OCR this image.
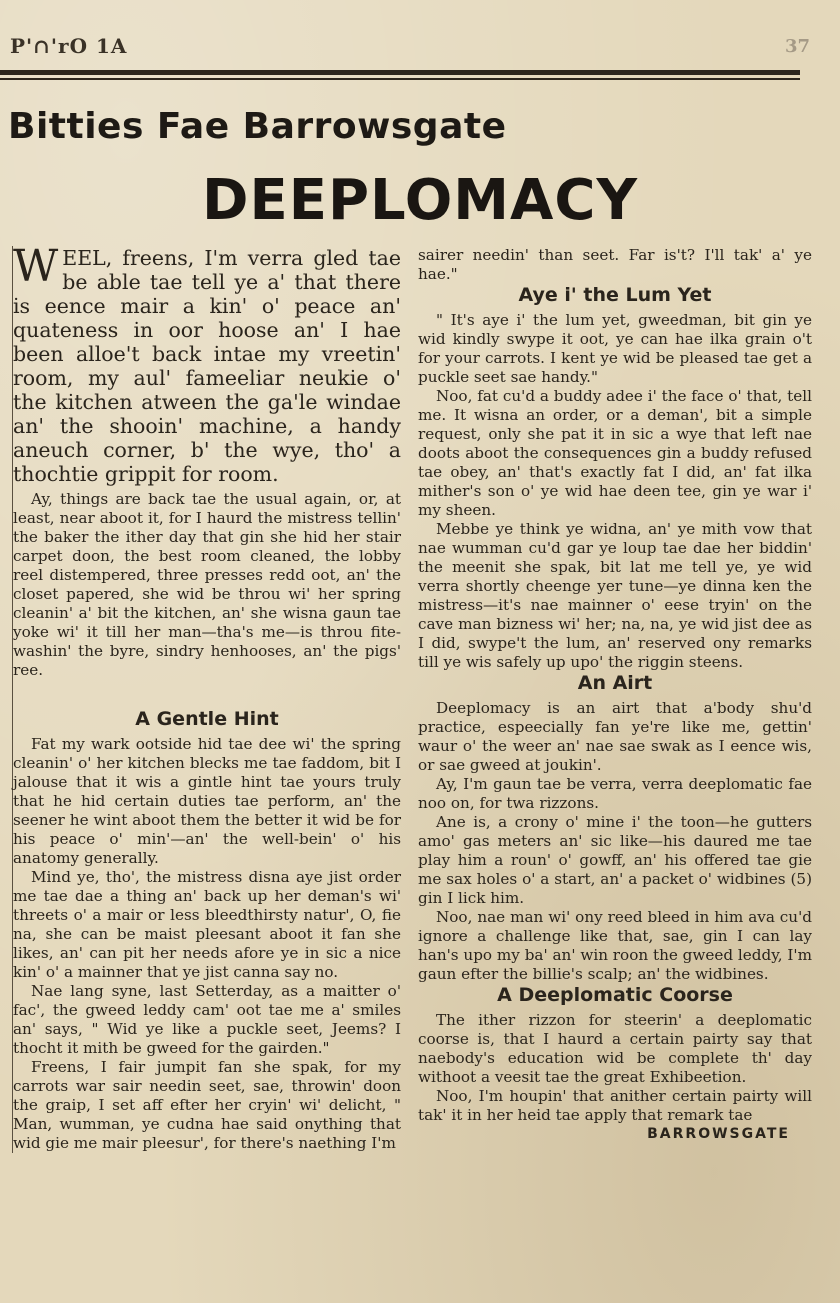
P'∩'rO 1A	37
Bitties Fae Barrowsgate
DEEPLOMACY

WEEL, freens, I'm verra gled tae be able tae tell ye a' that there is eence mair a kin' o' peace an' quateness in oor hoose an' I hae been alloe't back intae my vreetin' room, my aul' fameeliar neukie o' the kitchen atween the ga'le windae an' the shooin' machine, a handy aneuch corner, b' the wye, tho' a thochtie grippit for room.

Ay, things are back tae the usual again, or, at least, near aboot it, for I haurd the mistress tellin' the baker the ither day that gin she hid her stair carpet doon, the best room cleaned, the lobby reel distempered, three presses redd oot, an' the closet papered, she wid be throu wi' her spring cleanin' a' bit the kitchen, an' she wisna gaun tae yoke wi' it till her man—tha's me—is throu fite-washin' the byre, sindry henhooses, an' the pigs' ree.

A Gentle Hint

Fat my wark ootside hid tae dee wi' the spring cleanin' o' her kitchen blecks me tae faddom, bit I jalouse that it wis a gintle hint tae yours truly that he hid certain duties tae perform, an' the seener he wint aboot them the better it wid be for his peace o' min'—an' the well-bein' o' his anatomy generally.

Mind ye, tho', the mistress disna aye jist order me tae dae a thing an' back up her deman's wi' threets o' a mair or less bleedthirsty natur', O, fie na, she can be maist pleesant aboot it fan she likes, an' can pit her needs afore ye in sic a nice kin' o' a mainner that ye jist canna say no.

Nae lang syne, last Setterday, as a maitter o' fac', the gweed leddy cam' oot tae me a' smiles an' says, " Wid ye like a puckle seet, Jeems? I thocht it mith be gweed for the gairden."

Freens, I fair jumpit fan she spak, for my carrots war sair needin seet, sae, throwin' doon the graip, I set aff efter her cryin' wi' delicht, " Man, wumman, ye cudna hae said onything that wid gie me mair pleesur', for there's naething I'm

sairer needin' than seet. Far is't? I'll tak' a' ye hae."

Aye i' the Lum Yet

" It's aye i' the lum yet, gweedman, bit gin ye wid kindly swype it oot, ye can hae ilka grain o't for your carrots. I kent ye wid be pleased tae get a puckle seet sae handy."

Noo, fat cu'd a buddy adee i' the face o' that, tell me. It wisna an order, or a deman', bit a simple request, only she pat it in sic a wye that left nae doots aboot the consequences gin a buddy refused tae obey, an' that's exactly fat I did, an' fat ilka mither's son o' ye wid hae deen tee, gin ye war i' my sheen.

Mebbe ye think ye widna, an' ye mith vow that nae wumman cu'd gar ye loup tae dae her biddin' the meenit she spak, bit lat me tell ye, ye wid verra shortly cheenge yer tune—ye dinna ken the mistress—it's nae mainner o' eese tryin' on the cave man bizness wi' her; na, na, ye wid jist dee as I did, swype't the lum, an' reserved ony remarks till ye wis safely up upo' the riggin steens.

An Airt

Deeplomacy is an airt that a'body shu'd practice, espeecially fan ye're like me, gettin' waur o' the weer an' nae sae swak as I eence wis, or sae gweed at joukin'.

Ay, I'm gaun tae be verra, verra deeplomatic fae noo on, for twa rizzons.

Ane is, a crony o' mine i' the toon—he gutters amo' gas meters an' sic like—his daured me tae play him a roun' o' gowff, an' his offered tae gie me sax holes o' a start, an' a packet o' widbines (5) gin I lick him.

Noo, nae man wi' ony reed bleed in him ava cu'd ignore a challenge like that, sae, gin I can lay han's upo my ba' an' win roon the gweed leddy, I'm gaun efter the billie's scalp; an' the widbines.

A Deeplomatic Coorse

The ither rizzon for steerin' a deeplomatic coorse is, that I haurd a certain pairty say that naebody's education wid be complete th' day withoot a veesit tae the great Exhibeetion.

Noo, I'm houpin' that anither certain pairty will tak' it in her heid tae apply that remark tae

BARROWSGATE
